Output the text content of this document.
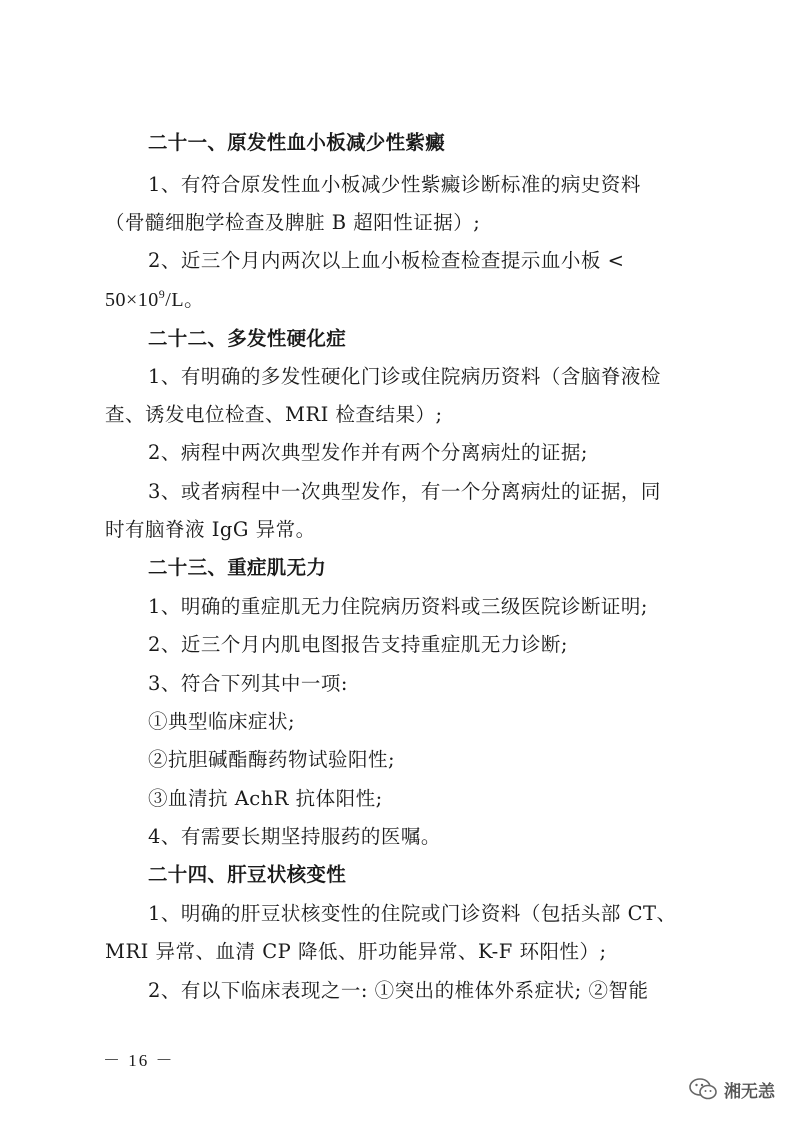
二十一、原发性血小板减少性紫癜
1、有符合原发性血小板减少性紫癜诊断标准的病史资料
（骨髓细胞学检查及脾脏 B 超阳性证据）;
2、近三个月内两次以上血小板检查检查提示血小板 <
$50\times 10^9/L$。
二十二、多发性硬化症
1、有明确的多发性硬化门诊或住院病历资料（含脑脊液检
查、诱发电位检查、MRI 检查结果）;
2、病程中两次典型发作并有两个分离病灶的证据;
3、或者病程中一次典型发作，有一个分离病灶的证据，同
时有脑脊液 IgG 异常。
二十三、重症肌无力
1、明确的重症肌无力住院病历资料或三级医院诊断证明;
2、近三个月内肌电图报告支持重症肌无力诊断;
3、符合下列其中一项:
①典型临床症状;
②抗胆碱酯酶药物试验阳性;
③血清抗 AchR 抗体阳性;
4、有需要长期坚持服药的医嘱。
二十四、肝豆状核变性
1、明确的肝豆状核变性的住院或门诊资料（包括头部 CT、
MRI 异常、血清 CP 降低、肝功能异常、K-F 环阳性）;
2、有以下临床表现之一: ①突出的椎体外系症状; ②智能
－ 16 －
湘无恙
